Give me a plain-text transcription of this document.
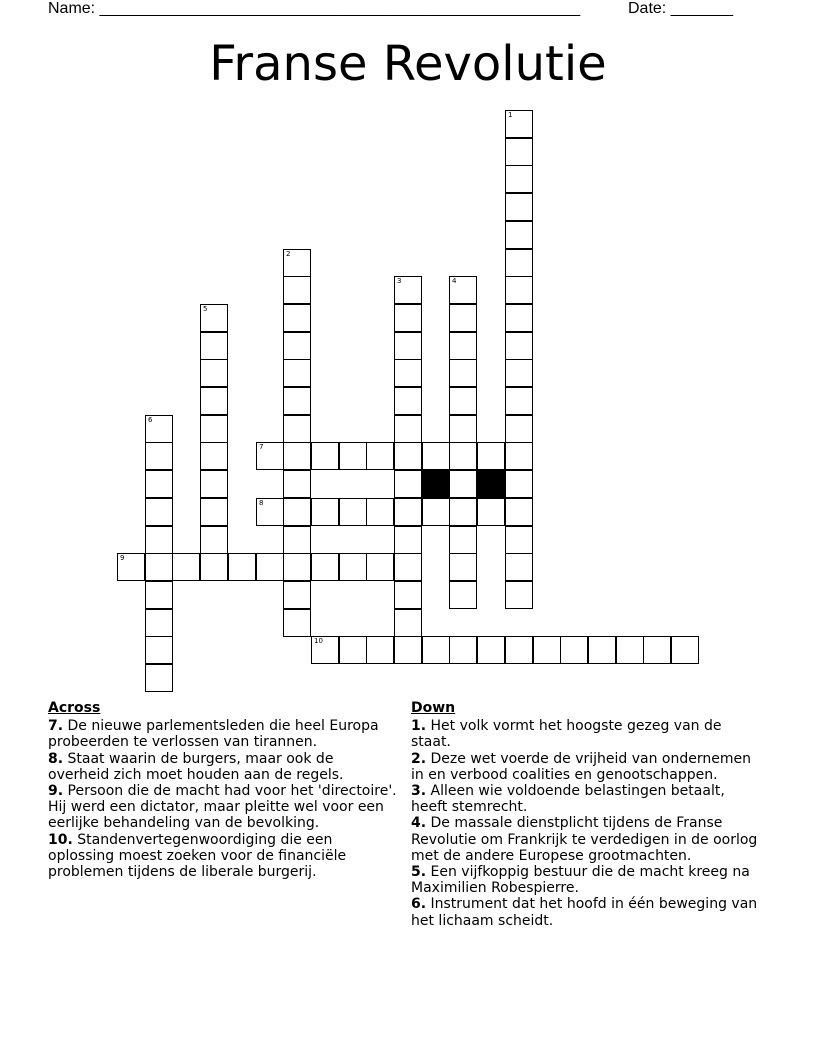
Name: ______________________________________________________	Date: _______
Franse Revolutie
1
2
3	4
5
6
7
8
9
10
Across

7. De nieuwe parlementsleden die heel Europa probeerden te verlossen van tirannen.

8. Staat waarin de burgers, maar ook de overheid zich moet houden aan de regels.

9. Persoon die de macht had voor het 'directoire'. Hij werd een dictator, maar pleitte wel voor een eerlijke behandeling van de bevolking.

10. Standenvertegenwoordiging die een oplossing moest zoeken voor de financiële problemen tijdens de liberale burgerij.

Down

1. Het volk vormt het hoogste gezeg van de staat.

2. Deze wet voerde de vrijheid van ondernemen in en verbood coalities en genootschappen.

3. Alleen wie voldoende belastingen betaalt, heeft stemrecht.

4. De massale dienstplicht tijdens de Franse Revolutie om Frankrijk te verdedigen in de oorlog met de andere Europese grootmachten.

5. Een vijfkoppig bestuur die de macht kreeg na Maximilien Robespierre.

6. Instrument dat het hoofd in één beweging van het lichaam scheidt.
